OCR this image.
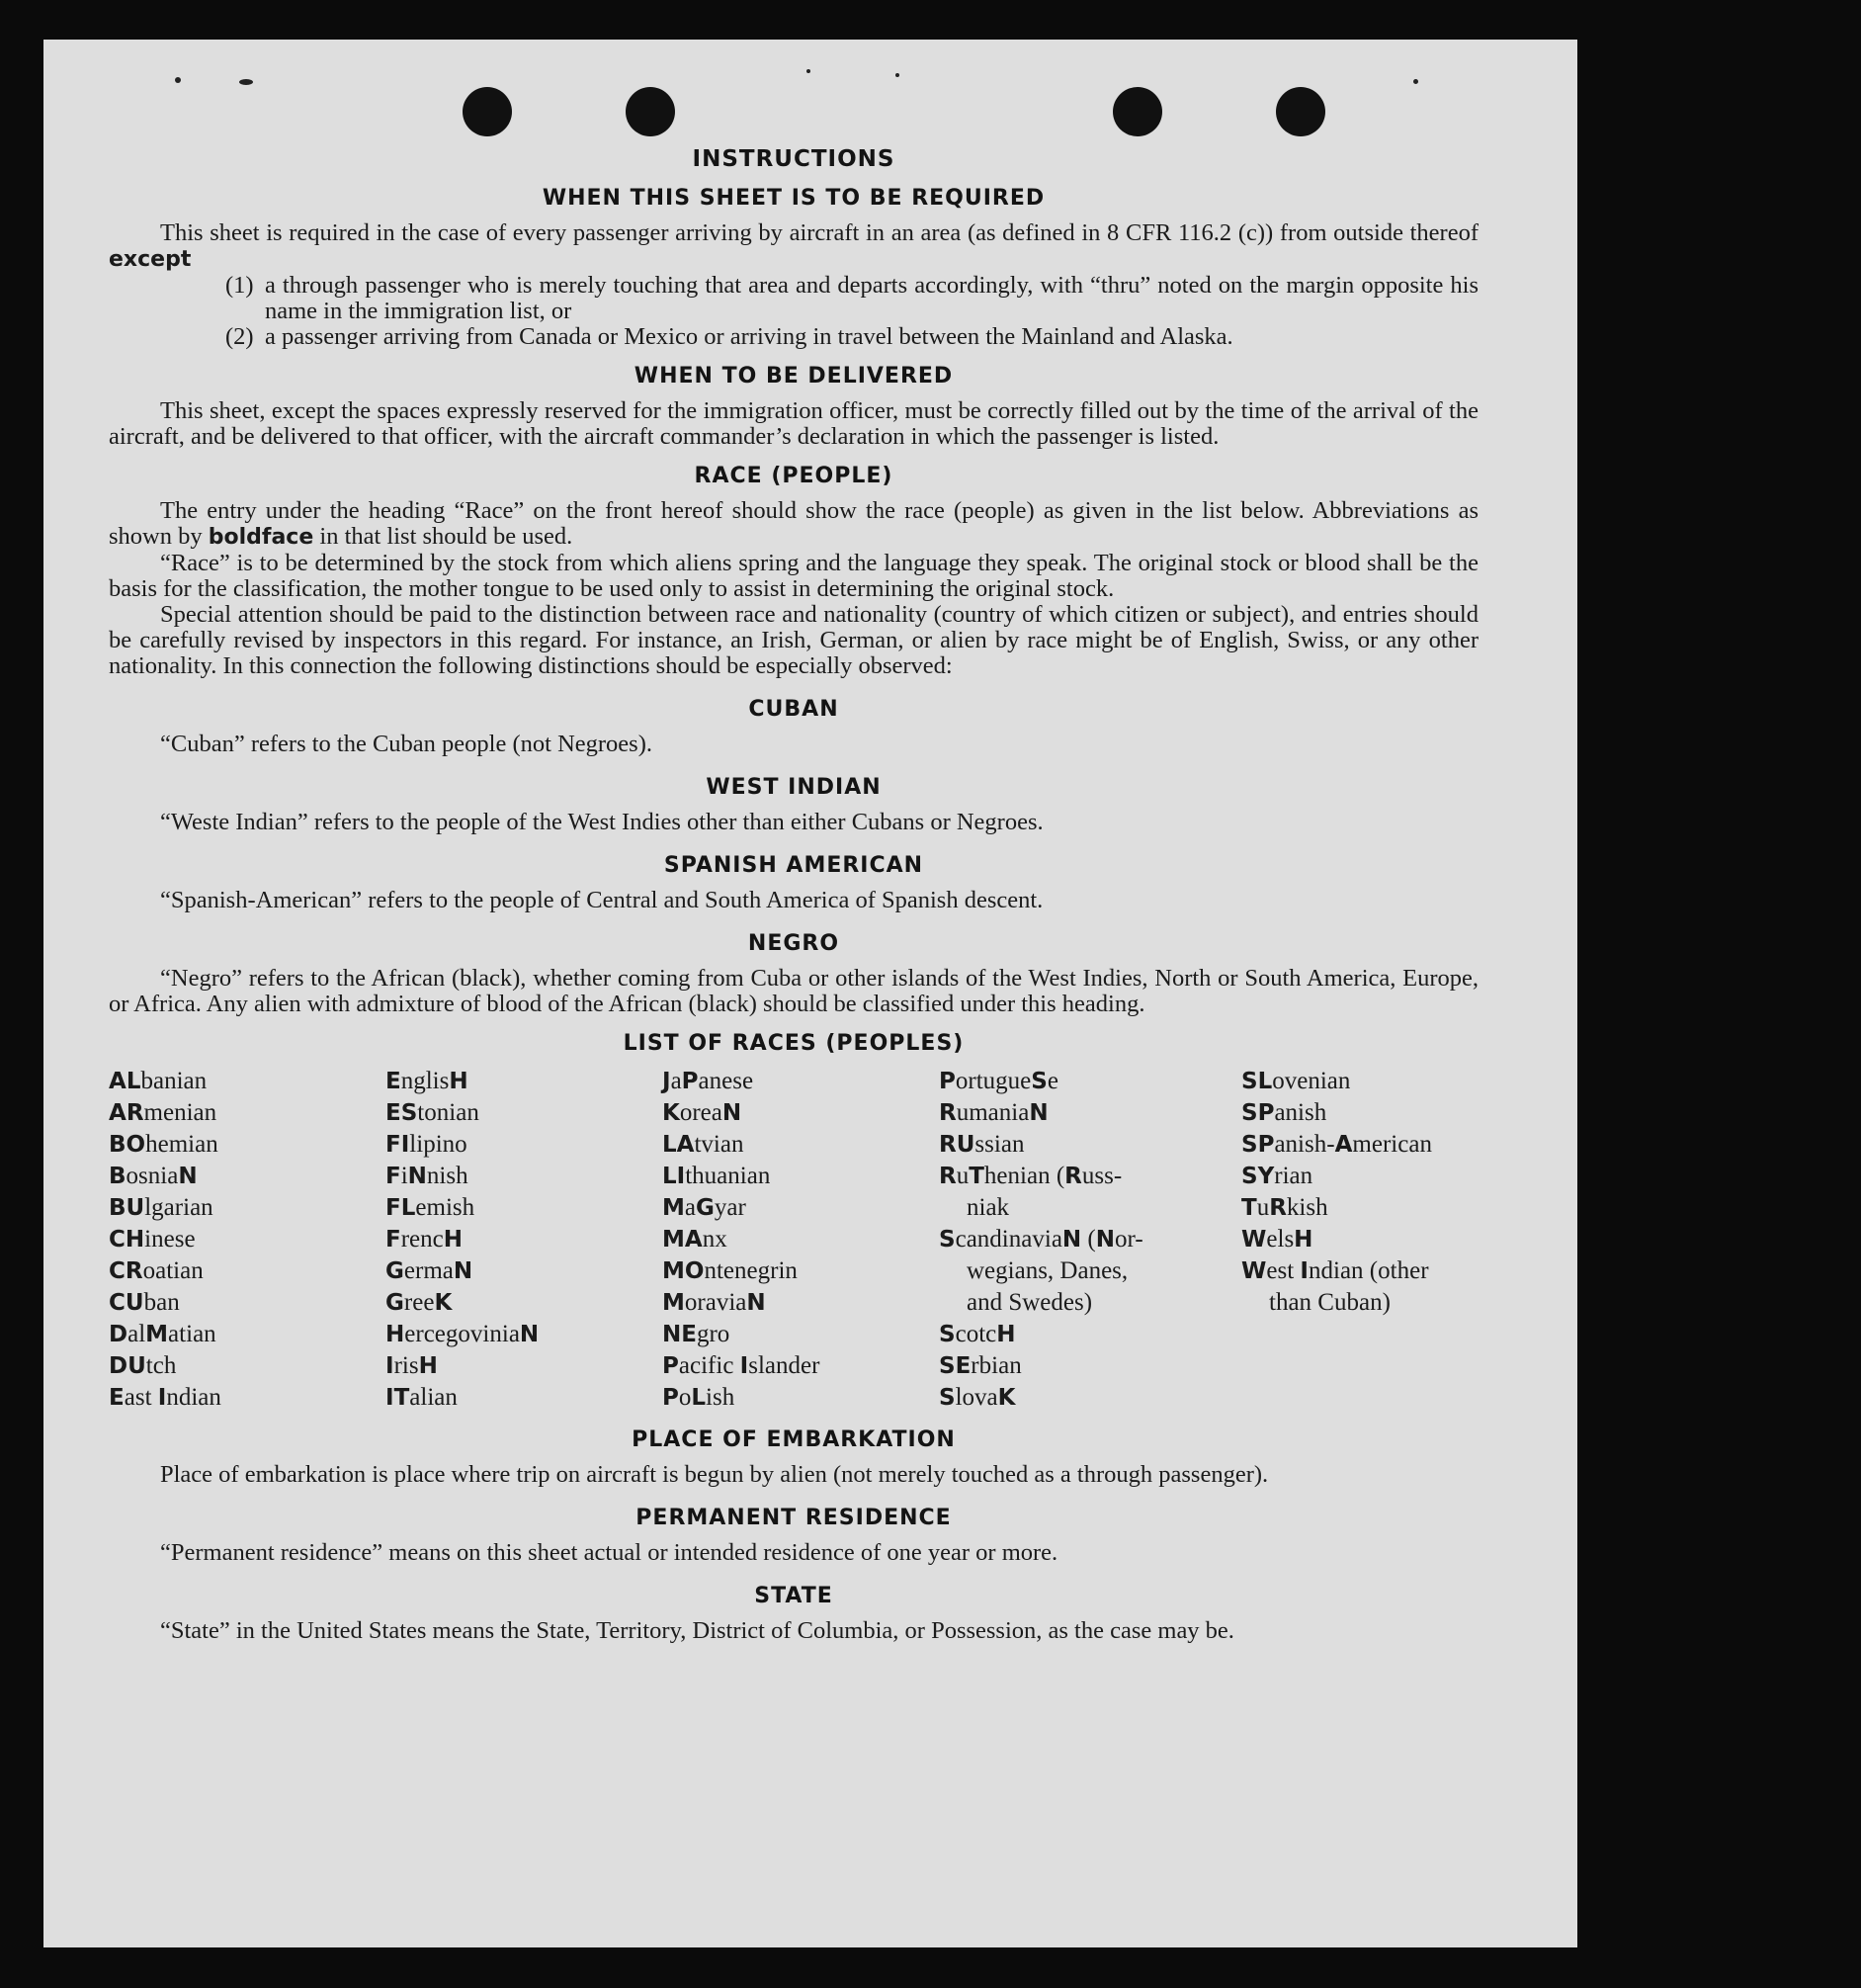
INSTRUCTIONS
WHEN THIS SHEET IS TO BE REQUIRED

This sheet is required in the case of every passenger arriving by aircraft in an area (as defined in 8 CFR 116.2 (c)) from outside thereof except

(1) a through passenger who is merely touching that area and departs accordingly, with “thru” noted on the margin opposite his name in the immigration list, or
(2) a passenger arriving from Canada or Mexico or arriving in travel between the Mainland and Alaska.
WHEN TO BE DELIVERED

This sheet, except the spaces expressly reserved for the immigration officer, must be correctly filled out by the time of the arrival of the aircraft, and be delivered to that officer, with the aircraft commander’s declaration in which the passenger is listed.

RACE (PEOPLE)

The entry under the heading “Race” on the front hereof should show the race (people) as given in the list below. Abbreviations as shown by boldface in that list should be used.

“Race” is to be determined by the stock from which aliens spring and the language they speak. The original stock or blood shall be the basis for the classification, the mother tongue to be used only to assist in determining the original stock.

Special attention should be paid to the distinction between race and nationality (country of which citizen or subject), and entries should be carefully revised by inspectors in this regard. For instance, an Irish, German, or alien by race might be of English, Swiss, or any other nationality. In this connection the following distinctions should be especially observed:

CUBAN

“Cuban” refers to the Cuban people (not Negroes).

WEST INDIAN

“Weste Indian” refers to the people of the West Indies other than either Cubans or Negroes.

SPANISH AMERICAN

“Spanish-American” refers to the people of Central and South America of Spanish descent.

NEGRO

“Negro” refers to the African (black), whether coming from Cuba or other islands of the West Indies, North or South America, Europe, or Africa. Any alien with admixture of blood of the African (black) should be classified under this heading.

LIST OF RACES (PEOPLES)
ALbanian
ARmenian
BOhemian
BosniaN
BUlgarian
CHinese
CRoatian
CUban
DalMatian
DUtch
East Indian
EnglisH
EStonian
FIlipino
FiNnish
FLemish
FrencH
GermaN
GreeK
HercegoviniaN
IrisH
ITalian
JaPanese
KoreaN
LAtvian
LIthuanian
MaGyar
MAnx
MOntenegrin
MoraviaN
NEgro
Pacific Islander
PoLish
PortugueSe
RumaniaN
RUssian
RuThenian (Russ-
niak
ScandinaviaN (Nor-
wegians, Danes,
and Swedes)
ScotcH
SErbian
SlovaK
SLovenian
SPanish
SPanish-American
SYrian
TuRkish
WelsH
West Indian (other
than Cuban)
PLACE OF EMBARKATION

Place of embarkation is place where trip on aircraft is begun by alien (not merely touched as a through passenger).

PERMANENT RESIDENCE

“Permanent residence” means on this sheet actual or intended residence of one year or more.

STATE

“State” in the United States means the State, Territory, District of Columbia, or Possession, as the case may be.
